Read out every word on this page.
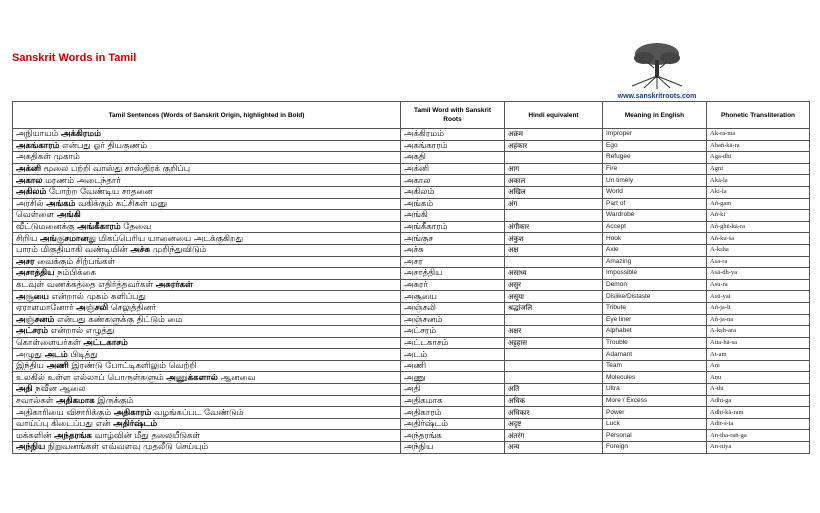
Sanskrit Words in Tamil
www.sanskritroots.com
Tamil Sentences (Words of Sanskrit Origin, highlighted in Bold)	Tamil Word with Sanskrit Roots	Hindi equivalent	Meaning in English	Phonetic Transliteration
அநியாயம் அக்கிரமம்	அக்கிரமம்	अक्रम	Improper	Ak-ra-ma
அகங்காரம் என்பது ஓர் தியகுணம்	அகங்காரம்	अहंकार	Ego	Ahañ-kā-ra
அகதிகள் முகாம்	அகதி		Refugee	Aga-dhi
அக்னி மூலை பற்றி வாஸ்து சாஸ்திரக் குறிப்பு	அக்னி	आग	Fire	Agni
அகால மரணம் அடைந்தார்	அகால	अकाल	Un timely	Akā-la
அகிலம் போற்ற வேண்டிய சாதனை	அகிலம்	अखिल	World	Aki-la
அரசில் அங்கம் வகிக்கும் கட்சிகள் மனு	அங்கம்	अंग	Part of	Añ-gam
வெள்ளை அங்கி	அங்கி		Wardrobe	Añ-ki
வீட்டுமனைக்கு அங்கீகாரம் தேவை	அங்கீகாரம்	अंगीकार	Accept	Añ-ghē-kā-ra
சிறிய அங்குசமானது மிகப்பெரிய யானையை அடக்குகிறது	அங்குச	अंकुश	Hook	Añ-ku-śa
பாரம் மிகுதியாகி வண்டியின் அச்சு முறிந்துவிடும்	அச்சு	अक्ष	Axle	A-kṣha
அசர வைக்கும் சிற்பங்கள்	அசர		Amazing	Asa-ra
அசாத்திய நம்பிக்கை	அசாத்திய	असाध्य	Impossible	Asā-dh-ya
கடவுள் வணக்கத்தை எதிர்த்தவர்கள் அசுரர்கள்	அசுரர்	असुर	Demon	Asu-ra
அசூயை என்றால் முகம் சுளிப்பது	அசூயை	असूया	Dislike/Distaste	Asū-yai
ஏராளமானோர் அஞ்சலி செலுத்தினர்	அஞ்சலி	श्रद्धांजलि	Tribute	Añ-ja-li
அஞ்சனம் என்பது கண்களுக்கு திட்டும் மை	அஞ்சனம்		Eye liner	Añ-ja-na
அட்சரம் என்றால் எழுத்து	அட்சரம்	अक्षर	Alphabet	A-kṣh-ara
கொள்ளையர்கள் அட்டகாசம்	அட்டகாசம்	अट्टहास	Trouble	Atta-hā-sa
அழுது அடம் பிடித்து	அடம்		Adamant	At-am
இந்திய அணி இரண்டு போட்டிகளிலும் வெற்றி	அணி		Team	Aṇi
உலகில் உள்ள எல்லாப் பொருள்களும் அணுக்களால் ஆனவை	அணு		Molecules	Aṇu
அதி நவீன ஆலை	அதி	अति	Ultra	A-thi
சவால்கள் அதிகமாக இருக்கும்	அதிகமாக	अधिक	More / Excess	Adhi-ga
அதிகாரியை விசாரிக்கும் அதிகாரம் வழங்கப்பட வேண்டும்	அதிகாரம்	अधिकार	Power	Adhi-kā-ram
வாய்ப்பு கிடைப்பது என் அதிர்ஷ்டம்	அதிர்ஷ்டம்	अदृष्ट	Luck	Adir-ś-ṭa
மக்களின் அந்தரங்க வாழ்வின் மீது தலையீடுகள்	அந்தரங்க	अंतरंग	Personal	An-tha-raṅ-ga
அந்நிய நிறுவனங்கள் எவ்வளவு முதலீடு செய்யும்	அந்நிய	अन्य	Foreign	An-niya
